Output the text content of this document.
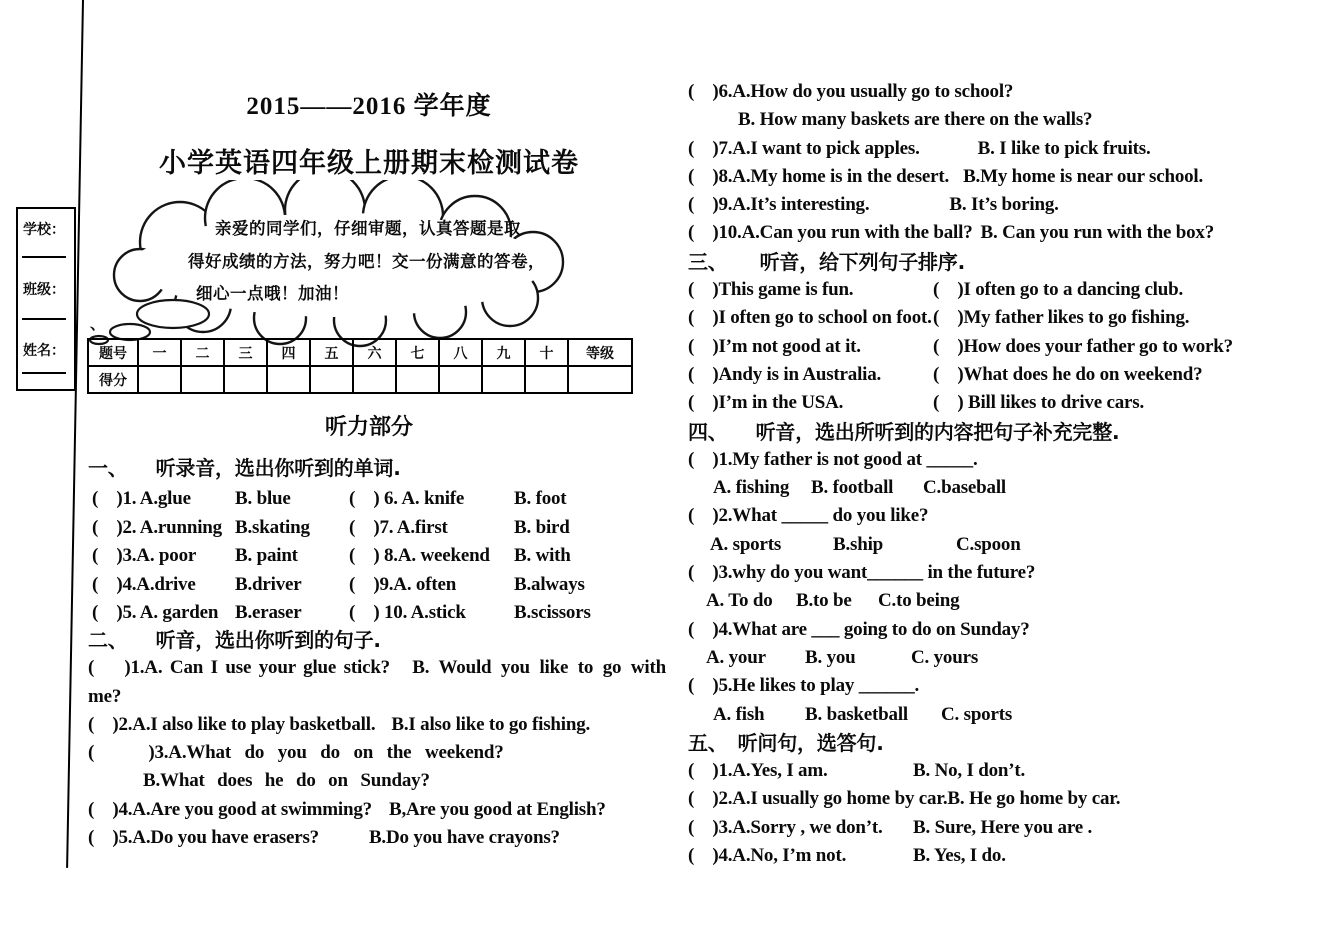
学校：
班级：
姓名：
2015——2016 学年度
小学英语四年级上册期末检测试卷
亲爱的同学们，仔细审题，认真答题是取
得好成绩的方法，努力吧！交一份满意的答卷，
细心一点哦！加油！
、
题号	一	二	三	四	五	六	七	八	九	十	等级
得分											
听力部分
一、 听录音，选出你听到的单词.
(    )1. A.glue	B. blue	(    ) 6. A. knife	B. foot
(    )2. A.running B.skating	(    )7. A.first	B. bird
(    )3.A. poor	B. paint	(    ) 8.A. weekend	B. with
(    )4.A.drive	B.driver	(    )9.A. often	B.always
(    )5. A. garden B.eraser	(    ) 10. A.stick	B.scissors
二、 听音，选出你听到的句子.
(    )1.A. Can I use your glue stick? B. Would you like to go with
me?
(    )2.A.I also like to play basketball. B.I also like to go fishing.
(    )3.A.What do you do on the weekend?
B.What does he do on Sunday?
(    )4.A.Are you good at swimming? B,Are you good at English?
(    )5.A.Do you have erasers?	B.Do you have crayons?
(    )6.A.How do you usually go to school?
B. How many baskets are there on the walls?
(    )7.A.I want to pick apples.	B. I like to pick fruits.
(    )8.A.My home is in the desert. B.My home is near our school.
(    )9.A.It’s interesting.	B. It’s boring.
(    )10.A.Can you run with the ball? B. Can you run with the box?
三、 听音，给下列句子排序.
(    )This game is fun.	(    )I often go to a dancing club.
(    )I often go to school on foot.(    )My father likes to go fishing.
(    )I’m not good at it.	(    )How does your father go to work?
(    )Andy is in Australia.	(    )What does he do on weekend?
(    )I’m in the USA.	(    ) Bill likes to drive cars.
四、 听音，选出所听到的内容把句子补充完整.
(    )1.My father is not good at _____.
A. fishing B. football C.baseball
(    )2.What _____ do you like?
A. sports	B.ship	C.spoon
(    )3.why do you want______ in the future?
A. To do B.to be C.to being
(    )4.What are ___ going to do on Sunday?
A. your B. you	C. yours
(    )5.He likes to play ______.
A. fish B. basketball C. sports
五、 听问句，选答句.
(    )1.A.Yes, I am.	B. No, I don’t.
(    )2.A.I usually go home by car.B. He go home by car.
(    )3.A.Sorry , we don’t. B. Sure, Here you are .
(    )4.A.No, I’m not.	B. Yes, I do.
